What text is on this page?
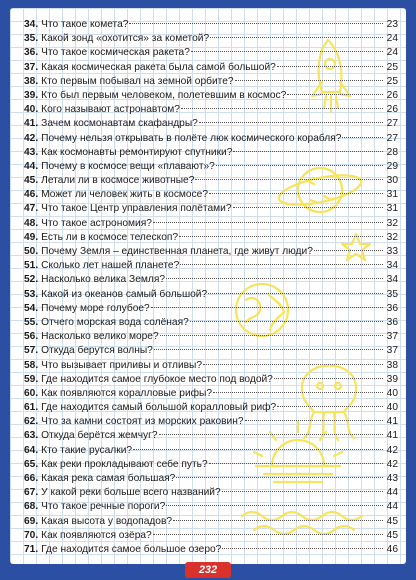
34. Что такое комета?	23
35. Какой зонд «охотится» за кометой?	24
36. Что такое космическая ракета?	24
37. Какая космическая ракета была самой большой?	25
38. Кто первым побывал на земной орбите?	25
39. Кто был первым человеком, полетевшим в космос?	26
40. Кого называют астронавтом?	26
41. Зачем космонавтам скафандры?	27
42. Почему нельзя открывать в полёте люк космического корабля?	27
43. Как космонавты ремонтируют спутники?	28
44. Почему в космосе вещи «плавают»?	29
45. Летали ли в космосе животные?	30
46. Может ли человек жить в космосе?	31
47. Что такое Центр управления полётами?	31
48. Что такое астрономия?	32
49. Есть ли в космосе телескоп?	32
50. Почему Земля – единственная планета, где живут люди?	33
51. Сколько лет нашей планете?	34
52. Насколько велика Земля?	34
53. Какой из океанов самый большой?	35
54. Почему море голубое?	36
55. Отчего морская вода солёная?	36
56. Насколько велико море?	37
57. Откуда берутся волны?	37
58. Что вызывает приливы и отливы?	38
59. Где находится самое глубокое место под водой?	39
60. Как появляются коралловые рифы?	40
61. Где находится самый большой коралловый риф?	40
62. Что за камни состоят из морских раковин?	41
63. Откуда берётся жемчуг?	41
64. Кто такие русалки?	42
65. Как реки прокладывают себе путь?	42
66. Какая река самая большая?	43
67. У какой реки больше всего названий?	44
68. Что такое речные пороги?	44
69. Какая высота у водопадов?	45
70. Как появляются озёра?	45
71. Где находится самое большое озеро?	46
232
